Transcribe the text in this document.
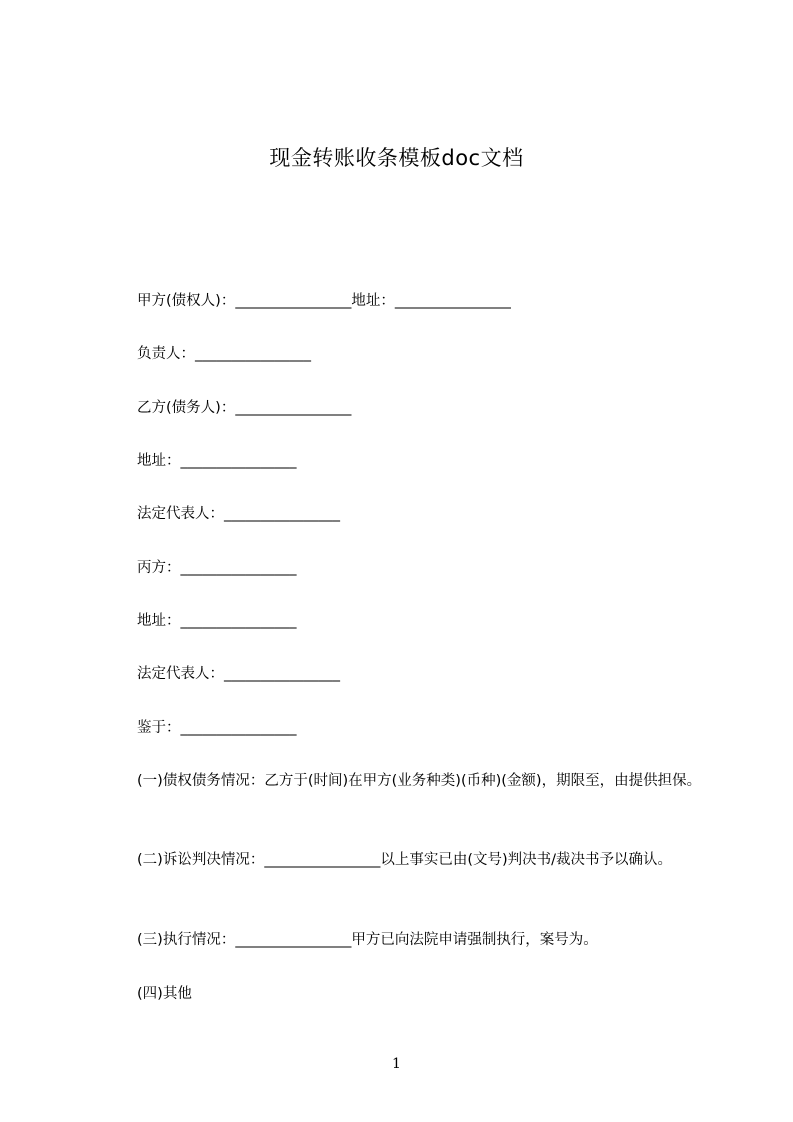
现金转账收条模板doc文档
甲方(债权人)：________________地址：________________
负责人：________________
乙方(债务人)：________________
地址：________________
法定代表人：________________
丙方：________________
地址：________________
法定代表人：________________
鉴于：________________
(一)债权债务情况：乙方于(时间)在甲方(业务种类)(币种)(金额)，期限至，由提供担保。
(二)诉讼判决情况：________________以上事实已由(文号)判决书/裁决书予以确认。
(三)执行情况：________________甲方已向法院申请强制执行，案号为。
(四)其他
1
